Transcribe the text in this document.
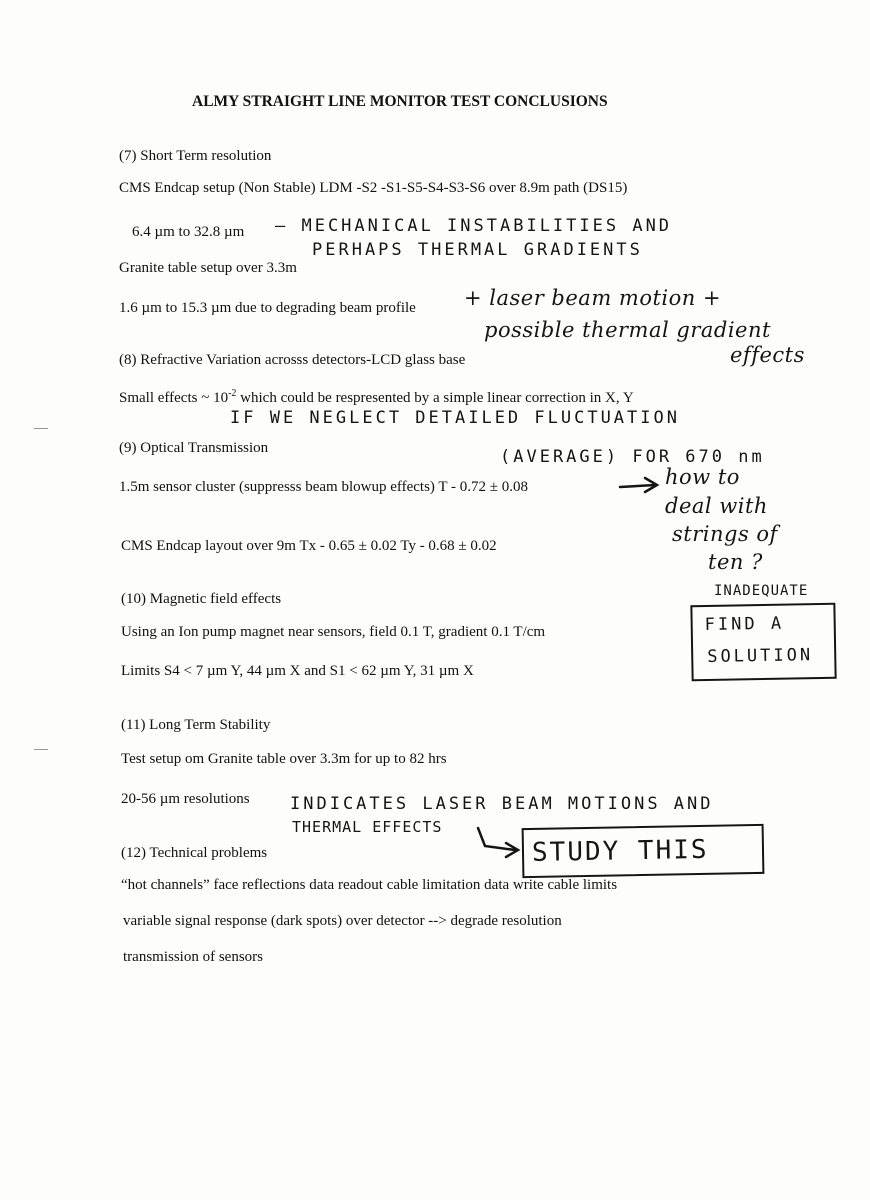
ALMY STRAIGHT LINE MONITOR TEST CONCLUSIONS
(7) Short Term resolution
CMS Endcap setup (Non Stable) LDM -S2 -S1-S5-S4-S3-S6 over 8.9m path (DS15)
6.4 µm to 32.8 µm — MECHANICAL INSTABILITIES AND
PERHAPS THERMAL GRADIENTS
Granite table setup over 3.3m
1.6 µm to 15.3 µm due to degrading beam profile + laser beam motion +
possible thermal gradient
effects
(8) Refractive Variation acrosss detectors-LCD glass base
Small effects ~ $10^{-2}$ which could be respresented by a simple linear correction in X, Y
IF WE NEGLECT DETAILED FLUCTUATION
(9) Optical Transmission	(AVERAGE) FOR 670 nm
1.5m sensor cluster (suppresss beam blowup effects) T - 0.72 ± 0.08	how to
deal with
strings of
ten ?
CMS Endcap layout over 9m Tx - 0.65 ± 0.02 Ty - 0.68 ± 0.02
INADEQUATE
(10) Magnetic field effects
FIND A
SOLUTION
Using an Ion pump magnet near sensors, field 0.1 T, gradient 0.1 T/cm
Limits S4 < 7 µm Y, 44 µm X and S1 < 62 µm Y, 31 µm X
(11) Long Term Stability
Test setup om Granite table over 3.3m for up to 82 hrs
20-56 µm resolutions INDICATES LASER BEAM MOTIONS AND
THERMAL EFFECTS
STUDY THIS
(12) Technical problems
“hot channels” face reflections data readout cable limitation data write cable limits
variable signal response (dark spots) over detector --> degrade resolution
transmission of sensors
